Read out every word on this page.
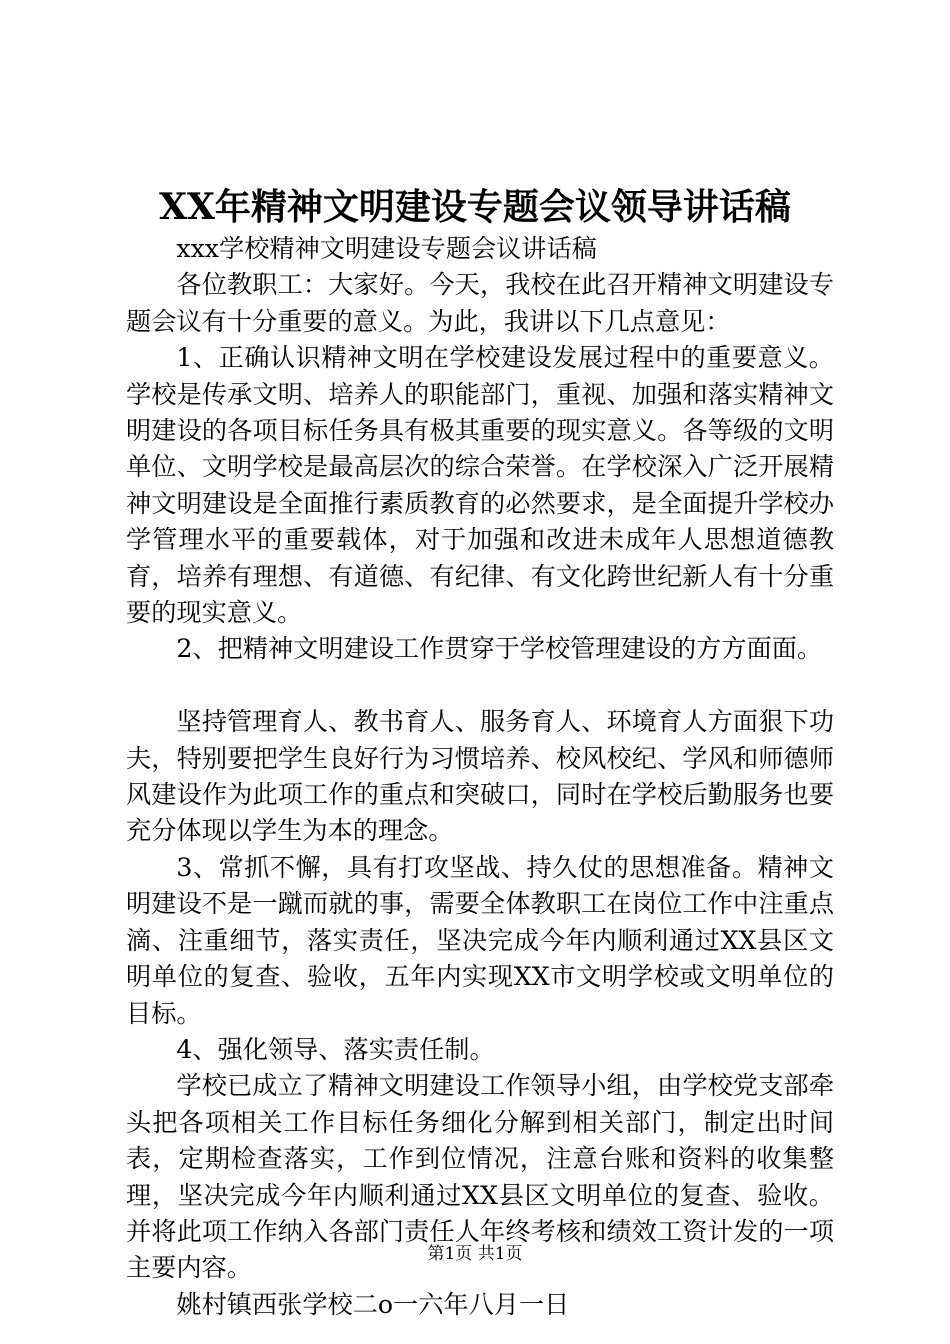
XX年精神文明建设专题会议领导讲话稿

xxx学校精神文明建设专题会议讲话稿

各位教职工：大家好。今天，我校在此召开精神文明建设专题会议有十分重要的意义。为此，我讲以下几点意见：

1、正确认识精神文明在学校建设发展过程中的重要意义。学校是传承文明、培养人的职能部门，重视、加强和落实精神文明建设的各项目标任务具有极其重要的现实意义。各等级的文明单位、文明学校是最高层次的综合荣誉。在学校深入广泛开展精神文明建设是全面推行素质教育的必然要求，是全面提升学校办学管理水平的重要载体，对于加强和改进未成年人思想道德教育，培养有理想、有道德、有纪律、有文化跨世纪新人有十分重要的现实意义。

2、把精神文明建设工作贯穿于学校管理建设的方方面面。

坚持管理育人、教书育人、服务育人、环境育人方面狠下功夫，特别要把学生良好行为习惯培养、校风校纪、学风和师德师风建设作为此项工作的重点和突破口，同时在学校后勤服务也要充分体现以学生为本的理念。

3、常抓不懈，具有打攻坚战、持久仗的思想准备。精神文明建设不是一蹴而就的事，需要全体教职工在岗位工作中注重点滴、注重细节，落实责任，坚决完成今年内顺利通过XX县区文明单位的复查、验收，五年内实现XX市文明学校或文明单位的目标。

4、强化领导、落实责任制。

学校已成立了精神文明建设工作领导小组，由学校党支部牵头把各项相关工作目标任务细化分解到相关部门，制定出时间表，定期检查落实，工作到位情况，注意台账和资料的收集整理，坚决完成今年内顺利通过XX县区文明单位的复查、验收。并将此项工作纳入各部门责任人年终考核和绩效工资计发的一项主要内容。

姚村镇西张学校二o一六年八月一日

第1页 共1页
